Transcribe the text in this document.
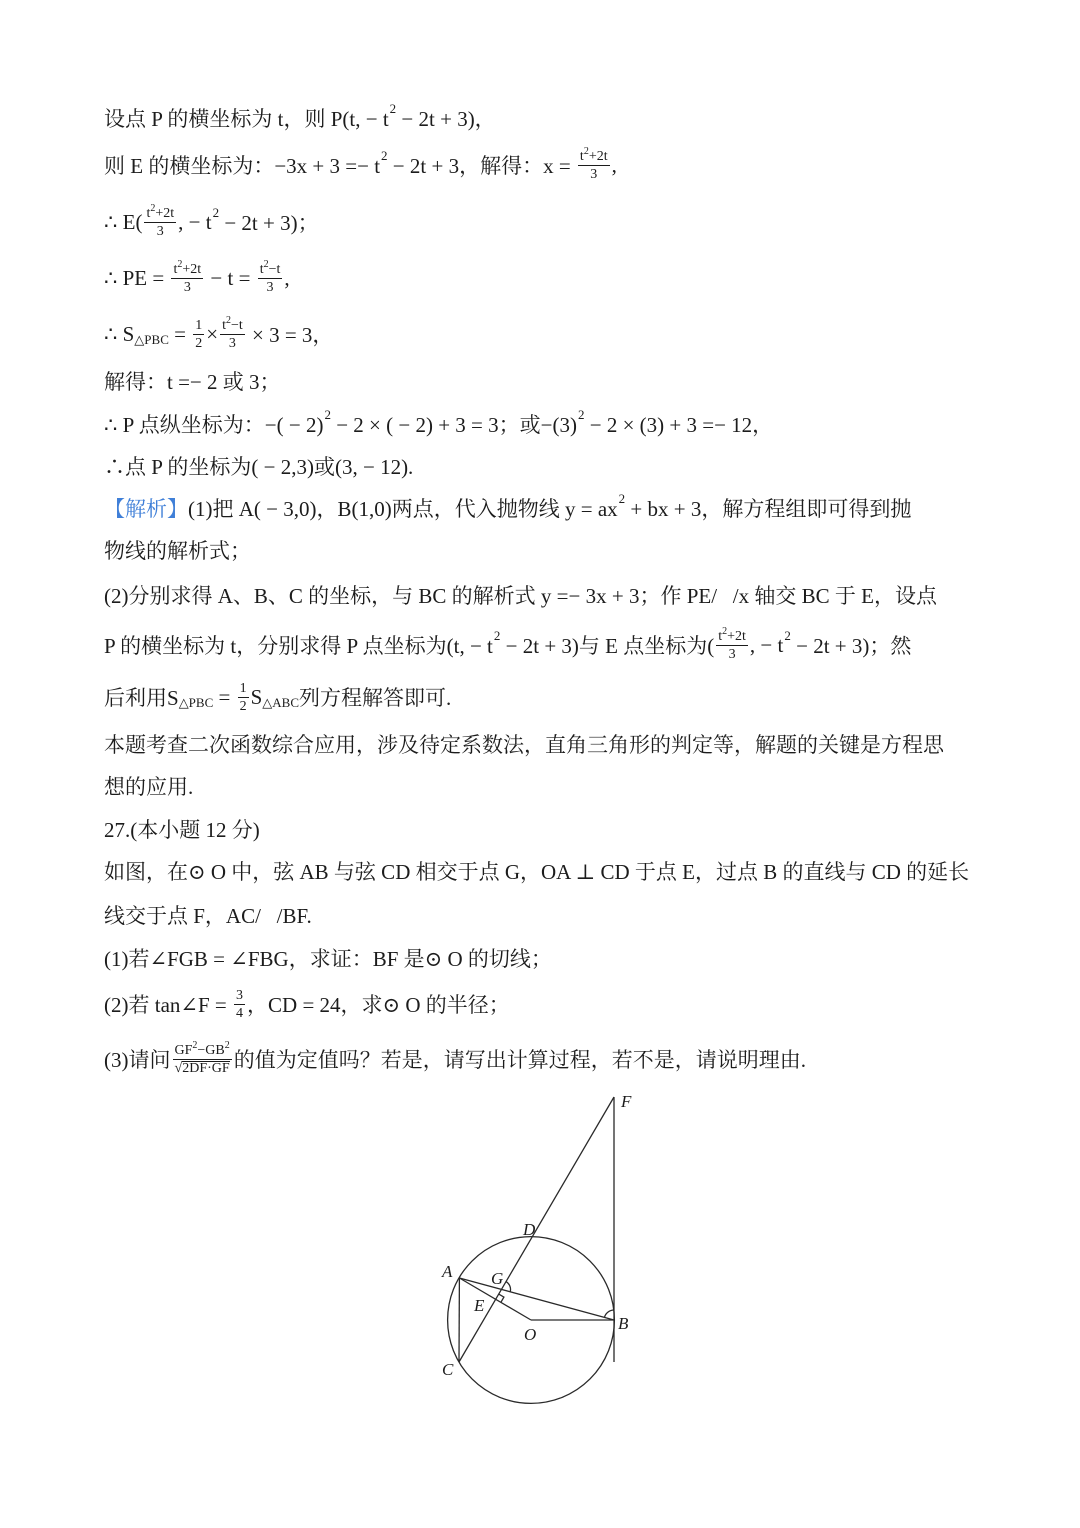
设点 P 的横坐标为 t，则 P(t, − t 2 − 2t + 3)，
则 E 的横坐标为：−3x + 3 =− t 2 − 2t + 3，解得：$x = \frac{t 2 +2t}{3}$ ,
∴ $E( \frac{t 2 +2t}{3}$ , − t 2 − 2t + 3)；
∴ PE = $\frac{t 2 +2t}{3} - t = \frac{t 2 -t}{3}$ ,
∴ S △PBC = $\frac{1}{2} \times \frac{t 2 -t}{3} \times 3 = 3$，
解得：t =− 2 或 3；
∴ P 点纵坐标为：−( − 2) 2 − 2 × ( − 2) + 3 = 3；或−(3) 2 − 2 × (3) + 3 =− 12，
∴点 P 的坐标为( − 2,3)或(3, − 12).
【解析】 (1)把 A( − 3,0)，B(1,0)两点，代入抛物线 y = ax 2 + bx + 3，解方程组即可得到抛
物线的解析式；
(2)分别求得 A、B、C 的坐标，与 BC 的解析式 y =− 3x + 3；作 PE/   /x 轴交 BC 于 E，设点
P 的横坐标为 t，分别求得 P 点坐标为(t, − t 2 − 2t + 3)与 E 点坐标为( $\frac{t 2 +2t}{3}$ , − t 2 − 2t + 3)；然
后利用S △PBC = $\frac{1}{2}$ S △ABC 列方程解答即可.
本题考查二次函数综合应用，涉及待定系数法，直角三角形的判定等，解题的关键是方程思
想的应用.
27.(本小题 12 分)
如图，在⊙ O 中，弦 AB 与弦 CD 相交于点 G，OA ⊥ CD 于点 E，过点 B 的直线与 CD 的延长
线交于点 F，AC/   /BF.
(1)若∠FGB = ∠FBG，求证：BF 是⊙ O 的切线；
(2)若 tan∠F = $\frac{3}{4}$ ，CD = 24，求⊙ O 的半径；
(3)请问 $\frac{GF 2 -GB 2}{√ 2DF\cdot GF}$ 的值为定值吗？若是，请写出计算过程，若不是，请说明理由.
F
D
A G
E
O
B
C
